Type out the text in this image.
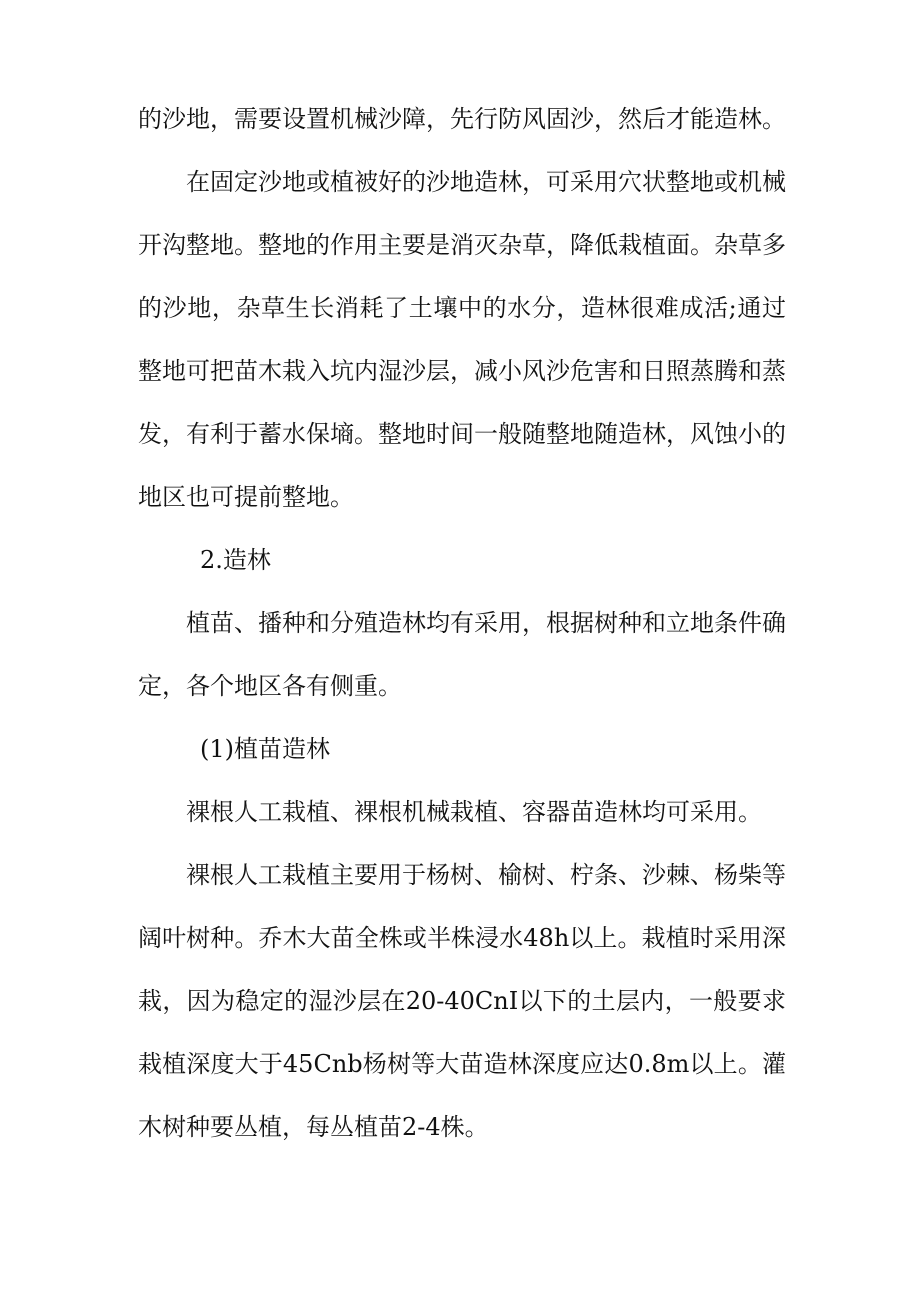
的沙地，需要设置机械沙障，先行防风固沙，然后才能造林。

在固定沙地或植被好的沙地造林，可采用穴状整地或机械开沟整地。整地的作用主要是消灭杂草，降低栽植面。杂草多的沙地，杂草生长消耗了土壤中的水分，造林很难成活;通过整地可把苗木栽入坑内湿沙层，减小风沙危害和日照蒸腾和蒸发，有利于蓄水保墒。整地时间一般随整地随造林，风蚀小的地区也可提前整地。

2.造林

植苗、播种和分殖造林均有采用，根据树种和立地条件确定，各个地区各有侧重。

(1)植苗造林

裸根人工栽植、裸根机械栽植、容器苗造林均可采用。

裸根人工栽植主要用于杨树、榆树、柠条、沙棘、杨柴等阔叶树种。乔木大苗全株或半株浸水48h以上。栽植时采用深栽，因为稳定的湿沙层在20-40CnI以下的土层内，一般要求栽植深度大于45Cnb杨树等大苗造林深度应达0.8m以上。灌木树种要丛植，每丛植苗2-4株。
